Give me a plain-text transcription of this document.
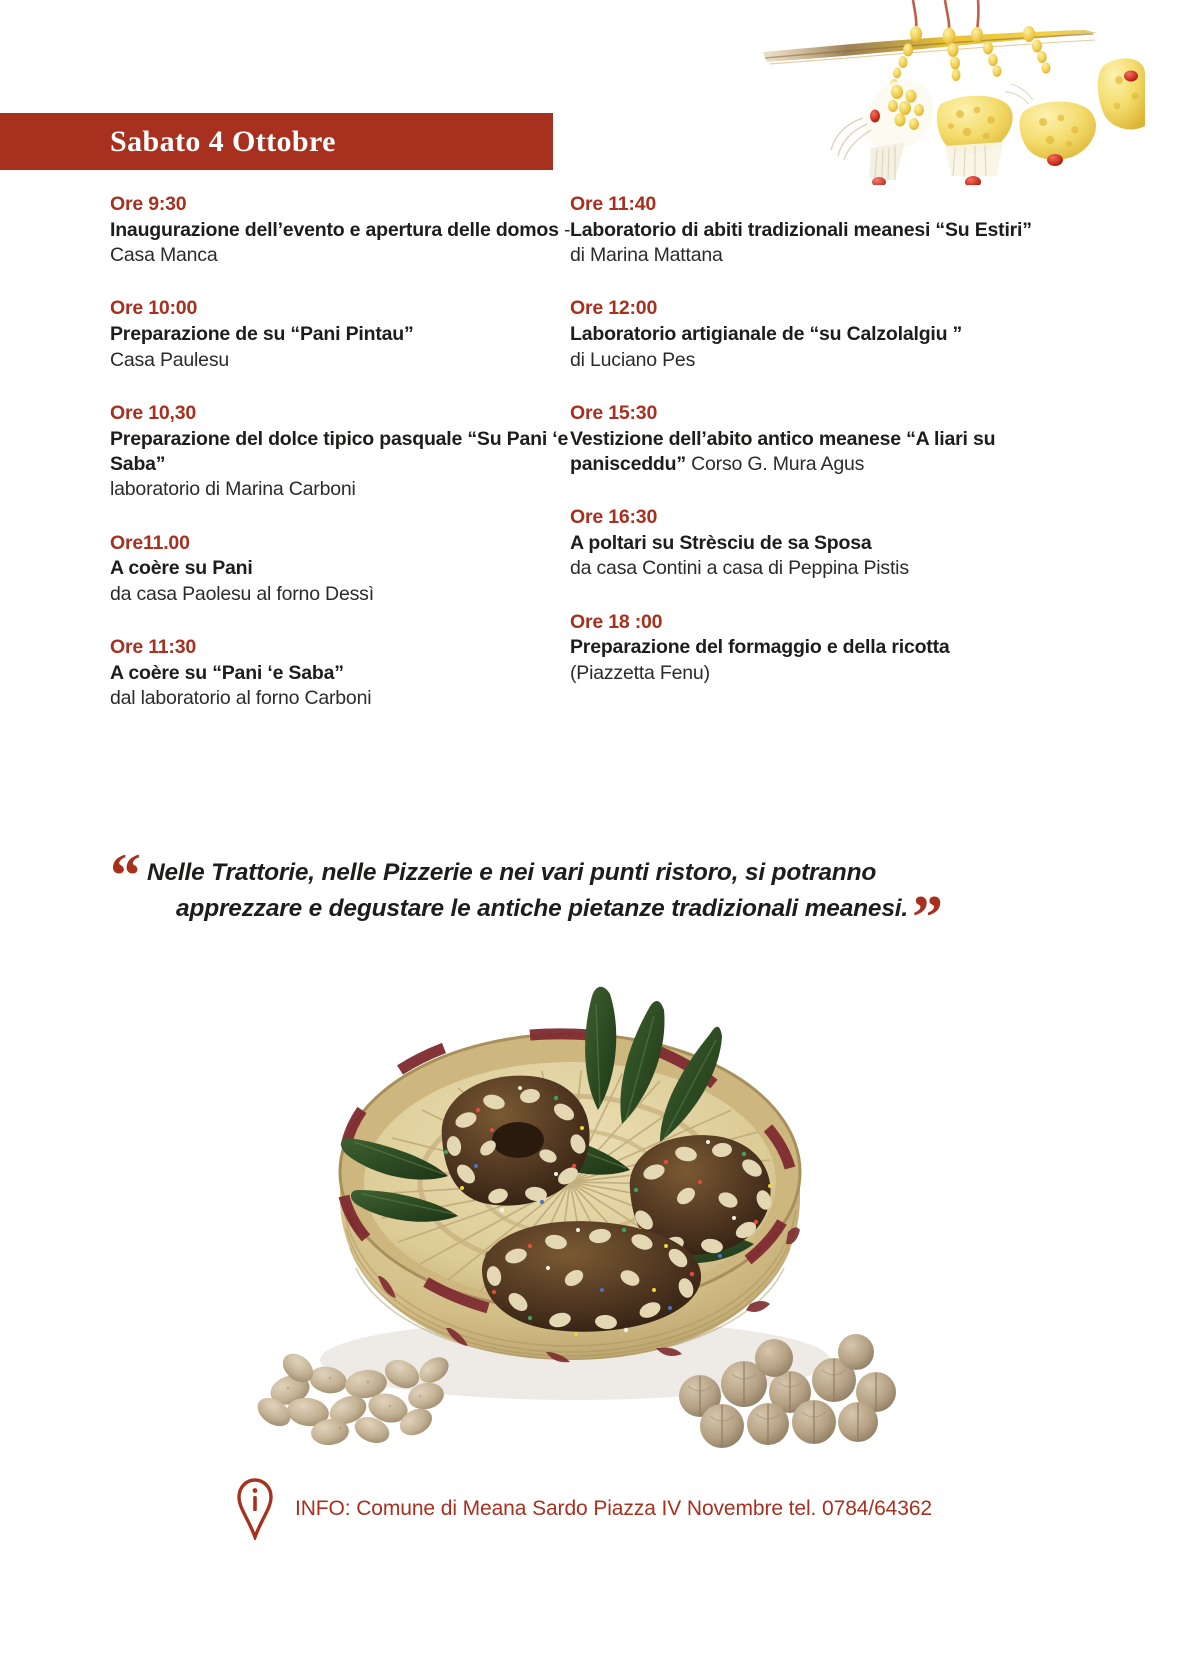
Sabato 4 Ottobre
Ore 9:30
Inaugurazione dell’evento e apertura delle domos - Casa Manca
Ore 10:00
Preparazione de su “Pani Pintau”
Casa Paulesu
Ore 10,30
Preparazione del dolce tipico pasquale “Su Pani ‘e Saba”
laboratorio di Marina Carboni
Ore11.00
A coère su Pani
da casa Paolesu al forno Dessì
Ore 11:30
A coère su “Pani ‘e Saba”
dal laboratorio al forno Carboni
Ore 11:40
Laboratorio di abiti tradizionali meanesi “Su Estiri” di Marina Mattana
Ore 12:00
Laboratorio artigianale de “su Calzolalgiu ”
di Luciano Pes
Ore 15:30
Vestizione dell’abito antico meanese “A liari su panisceddu” Corso G. Mura Agus
Ore 16:30
A poltari su Strèsciu de sa Sposa
da casa Contini a casa di Peppina Pistis
Ore 18 :00
Preparazione del formaggio e della ricotta
(Piazzetta Fenu)
“ Nelle Trattorie, nelle Pizzerie e nei vari punti ristoro, si potranno
apprezzare e degustare le antiche pietanze tradizionali meanesi.”
INFO: Comune di Meana Sardo Piazza IV Novembre tel. 0784/64362
